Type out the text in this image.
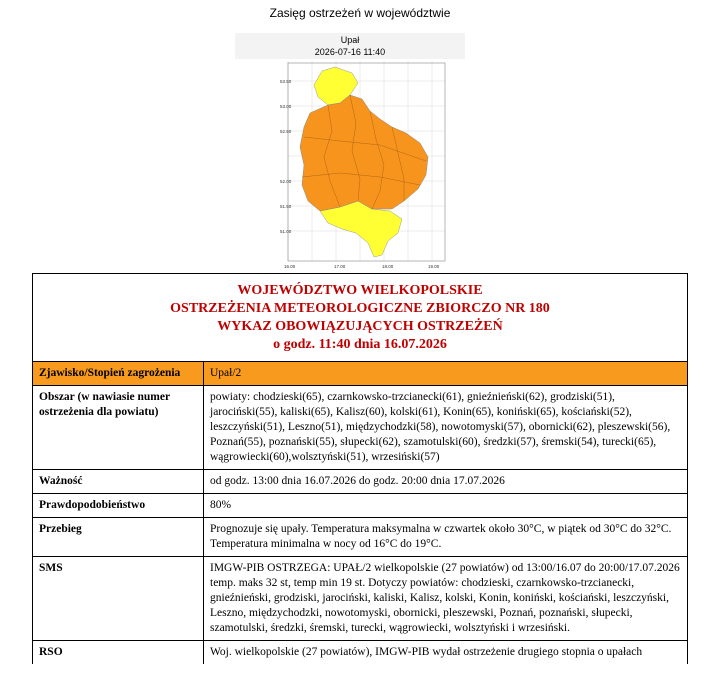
Zasięg ostrzeżeń w województwie
Upał
2026-07-16 11:40
53.50
53.00
52.50
52.00
51.50
51.00
16.00	17.00	18.00	19.00
WOJEWÓDZTWO WIELKOPOLSKIE
OSTRZEŻENIA METEOROLOGICZNE ZBIORCZO NR 180
WYKAZ OBOWIĄZUJĄCYCH OSTRZEŻEŃ
o godz. 11:40 dnia 16.07.2026
Zjawisko/Stopień zagrożenia	Upał/2
Obszar (w nawiasie numer ostrzeżenia dla powiatu)	powiaty: chodzieski(65), czarnkowsko-trzcianecki(61), gnieźnieński(62), grodziski(51), jarociński(55), kaliski(65), Kalisz(60), kolski(61), Konin(65), koniński(65), kościański(52), leszczyński(51), Leszno(51), międzychodzki(58), nowotomyski(57), obornicki(62), pleszewski(56), Poznań(55), poznański(55), słupecki(62), szamotulski(60), średzki(57), śremski(54), turecki(65), wągrowiecki(60),wolsztyński(51), wrzesiński(57)
Ważność	od godz. 13:00 dnia 16.07.2026 do godz. 20:00 dnia 17.07.2026
Prawdopodobieństwo	80%
Przebieg	Prognozuje się upały. Temperatura maksymalna w czwartek około 30°C, w piątek od 30°C do 32°C. Temperatura minimalna w nocy od 16°C do 19°C.
SMS	IMGW-PIB OSTRZEGA: UPAŁ/2 wielkopolskie (27 powiatów) od 13:00/16.07 do 20:00/17.07.2026 temp. maks 32 st, temp min 19 st. Dotyczy powiatów: chodzieski, czarnkowsko-trzcianecki, gnieźnieński, grodziski, jarociński, kaliski, Kalisz, kolski, Konin, koniński, kościański, leszczyński, Leszno, międzychodzki, nowotomyski, obornicki, pleszewski, Poznań, poznański, słupecki, szamotulski, średzki, śremski, turecki, wągrowiecki, wolsztyński i wrzesiński.
RSO	Woj. wielkopolskie (27 powiatów), IMGW-PIB wydał ostrzeżenie drugiego stopnia o upałach
